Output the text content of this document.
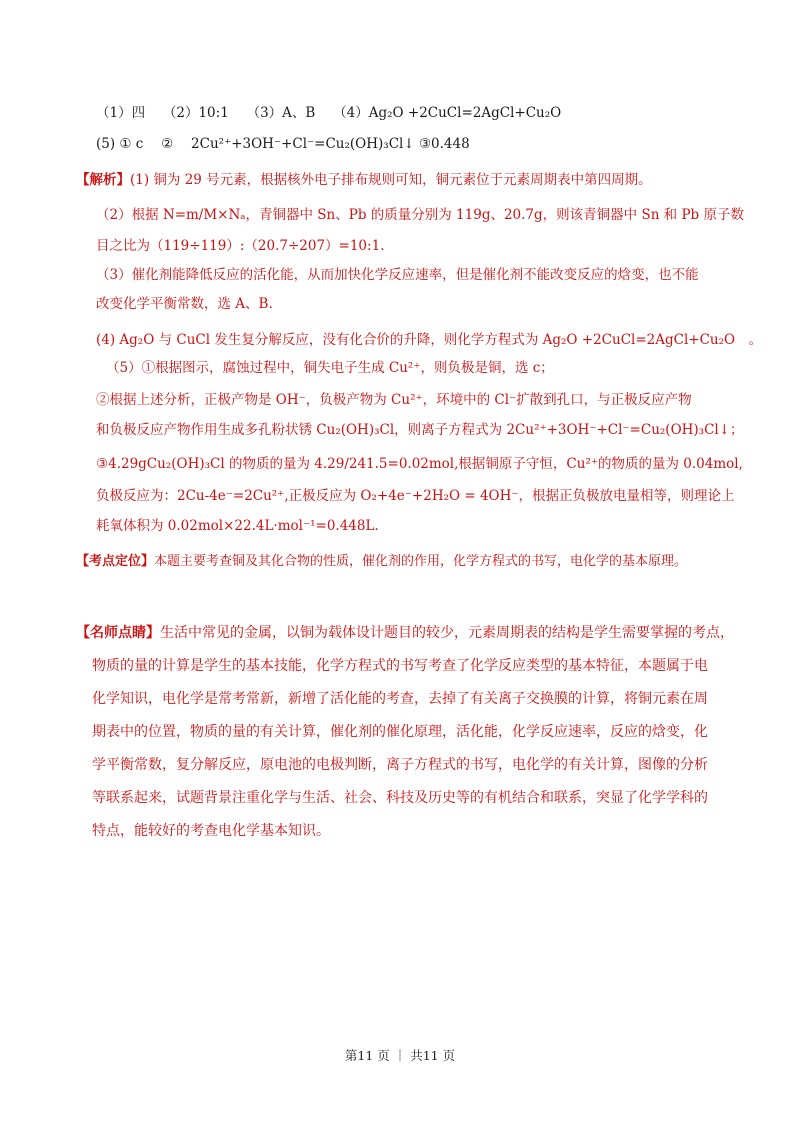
（1）四　 （2）10:1　 （3）A、B　 （4）Ag₂O +2CuCl=2AgCl+Cu₂O
(5) ① c　 ②　 2Cu²⁺+3OH⁻+Cl⁻=Cu₂(OH)₃Cl↓ ③0.448
【解析】(1) 铜为 29 号元素，根据核外电子排布规则可知，铜元素位于元素周期表中第四周期。
（2）根据 N=m/M×Nₐ，青铜器中 Sn、Pb 的质量分别为 119g、20.7g，则该青铜器中 Sn 和 Pb 原子数
目之比为（119÷119）:（20.7÷207）=10:1.
（3）催化剂能降低反应的活化能，从而加快化学反应速率，但是催化剂不能改变反应的焓变，也不能
改变化学平衡常数，选 A、B.
(4) Ag₂O 与 CuCl 发生复分解反应，没有化合价的升降，则化学方程式为 Ag₂O +2CuCl=2AgCl+Cu₂O　。
（5）①根据图示，腐蚀过程中，铜失电子生成 Cu²⁺，则负极是铜，选 c；
②根据上述分析，正极产物是 OH⁻，负极产物为 Cu²⁺，环境中的 Cl⁻扩散到孔口，与正极反应产物
和负极反应产物作用生成多孔粉状锈 Cu₂(OH)₃Cl，则离子方程式为 2Cu²⁺+3OH⁻+Cl⁻=Cu₂(OH)₃Cl↓；
③4.29gCu₂(OH)₃Cl 的物质的量为 4.29/241.5=0.02mol,根据铜原子守恒，Cu²⁺的物质的量为 0.04mol,
负极反应为：2Cu-4e⁻=2Cu²⁺,正极反应为 O₂+4e⁻+2H₂O = 4OH⁻，根据正负极放电量相等，则理论上
耗氧体积为 0.02mol×22.4L·mol⁻¹=0.448L.
【考点定位】本题主要考查铜及其化合物的性质，催化剂的作用，化学方程式的书写，电化学的基本原理。
【名师点睛】生活中常见的金属，以铜为载体设计题目的较少，元素周期表的结构是学生需要掌握的考点，
物质的量的计算是学生的基本技能，化学方程式的书写考查了化学反应类型的基本特征，本题属于电
化学知识，电化学是常考常新，新增了活化能的考查，去掉了有关离子交换膜的计算，将铜元素在周
期表中的位置，物质的量的有关计算，催化剂的催化原理，活化能，化学反应速率，反应的焓变，化
学平衡常数，复分解反应，原电池的电极判断，离子方程式的书写，电化学的有关计算，图像的分析
等联系起来，试题背景注重化学与生活、社会、科技及历史等的有机结合和联系，突显了化学学科的
特点，能较好的考查电化学基本知识。
第11 页 ｜ 共11 页
